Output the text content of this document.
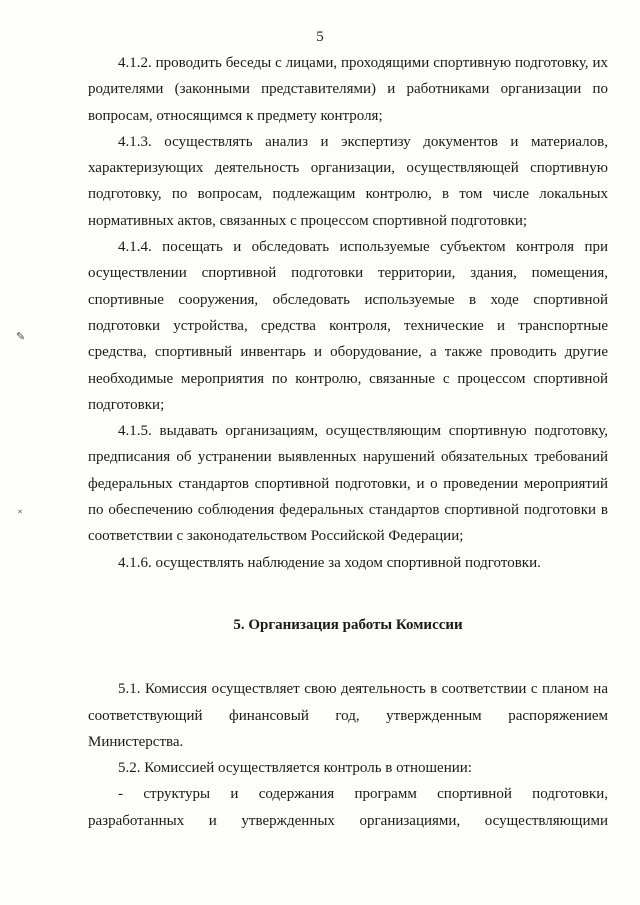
5
✎
˟

4.1.2. проводить беседы с лицами, проходящими спортивную подготовку, их родителями (законными представителями) и работниками организации по вопросам, относящимся к предмету контроля;

4.1.3. осуществлять анализ и экспертизу документов и материалов, характеризующих деятельность организации, осуществляющей спортивную подготовку, по вопросам, подлежащим контролю, в том числе локальных нормативных актов, связанных с процессом спортивной подготовки;

4.1.4. посещать и обследовать используемые субъектом контроля при осуществлении спортивной подготовки территории, здания, помещения, спортивные сооружения, обследовать используемые в ходе спортивной подготовки устройства, средства контроля, технические и транспортные средства, спортивный инвентарь и оборудование, а также проводить другие необходимые мероприятия по контролю, связанные с процессом спортивной подготовки;

4.1.5. выдавать организациям, осуществляющим спортивную подготовку, предписания об устранении выявленных нарушений обязательных требований федеральных стандартов спортивной подготовки, и о проведении мероприятий по обеспечению соблюдения федеральных стандартов спортивной подготовки в соответствии с законодательством Российской Федерации;

4.1.6. осуществлять наблюдение за ходом спортивной подготовки.

5. Организация работы Комиссии

5.1. Комиссия осуществляет свою деятельность в соответствии с планом на соответствующий финансовый год, утвержденным распоряжением Министерства.

5.2. Комиссией осуществляется контроль в отношении:

- структуры и содержания программ спортивной подготовки,

разработанных и утвержденных организациями, осуществляющими
